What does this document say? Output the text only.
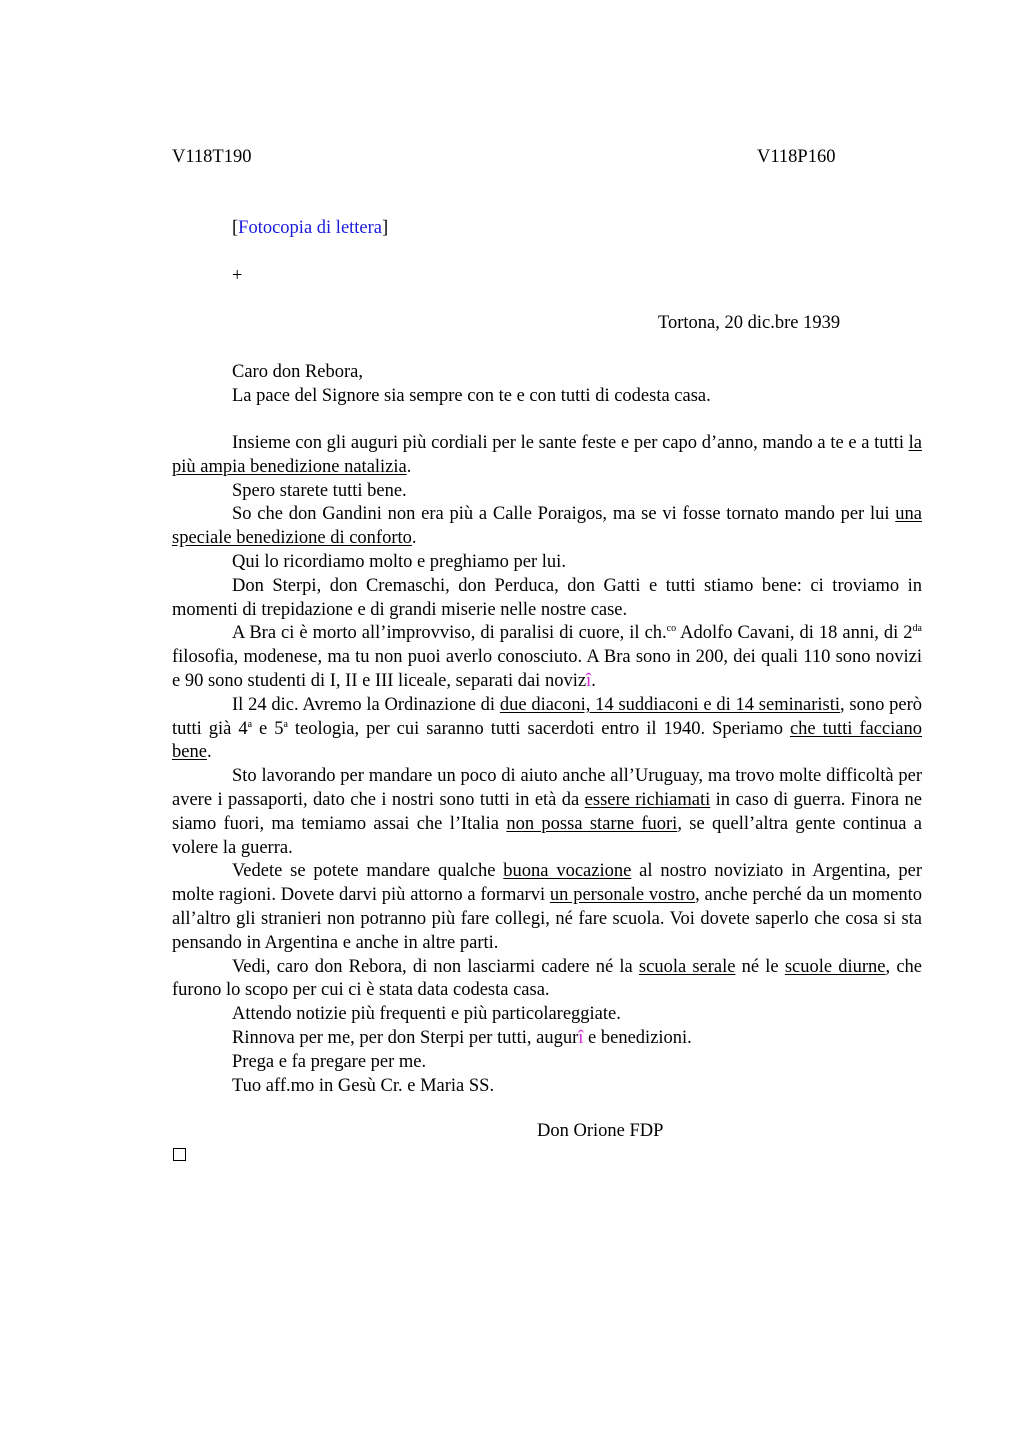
V118T190	V118P160
[Fotocopia di lettera]
+
Tortona, 20 dic.bre 1939
Caro don Rebora,
La pace del Signore sia sempre con te e con tutti di codesta casa.

Insieme con gli auguri più cordiali per le sante feste e per capo d’anno, mando a te e a tutti la più ampia benedizione natalizia.

Spero starete tutti bene.

So che don Gandini non era più a Calle Poraigos, ma se vi fosse tornato mando per lui una speciale benedizione di conforto.

Qui lo ricordiamo molto e preghiamo per lui.

Don Sterpi, don Cremaschi, don Perduca, don Gatti e tutti stiamo bene: ci troviamo in momenti di trepidazione e di grandi miserie nelle nostre case.

A Bra ci è morto all’improvviso, di paralisi di cuore, il ch.$^{co}$ Adolfo Cavani, di 18 anni, di $2^{da}$ filosofia, modenese, ma tu non puoi averlo conosciuto. A Bra sono in 200, dei quali 110 sono novizi e 90 sono studenti di I, II e III liceale, separati dai novizî.

Il 24 dic. Avremo la Ordinazione di due diaconi, 14 suddiaconi e di 14 seminaristi, sono però tutti già 4$^a$ e 5$^a$ teologia, per cui saranno tutti sacerdoti entro il 1940. Speriamo che tutti facciano bene.

Sto lavorando per mandare un poco di aiuto anche all’Uruguay, ma trovo molte difficoltà per avere i passaporti, dato che i nostri sono tutti in età da essere richiamati in caso di guerra. Finora ne siamo fuori, ma temiamo assai che l’Italia non possa starne fuori, se quell’altra gente continua a volere la guerra.

Vedete se potete mandare qualche buona vocazione al nostro noviziato in Argentina, per molte ragioni. Dovete darvi più attorno a formarvi un personale vostro, anche perché da un momento all’altro gli stranieri non potranno più fare collegi, né fare scuola. Voi dovete saperlo che cosa si sta pensando in Argentina e anche in altre parti.

Vedi, caro don Rebora, di non lasciarmi cadere né la scuola serale né le scuole diurne, che furono lo scopo per cui ci è stata data codesta casa.

Attendo notizie più frequenti e più particolareggiate.

Rinnova per me, per don Sterpi per tutti, augurî e benedizioni.

Prega e fa pregare per me.

Tuo aff.mo in Gesù Cr. e Maria SS.

Don Orione FDP
